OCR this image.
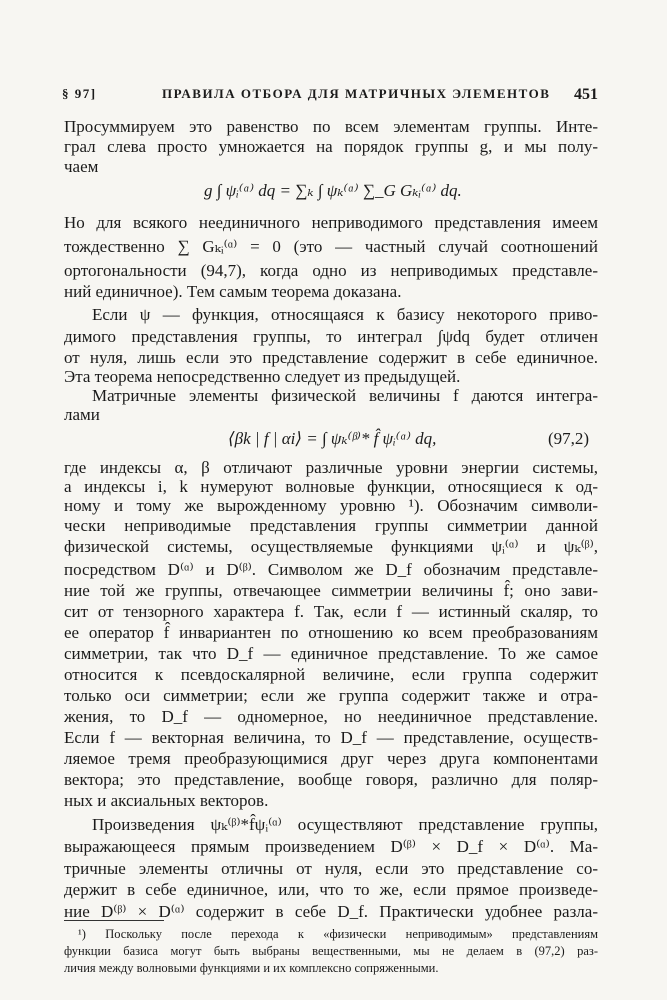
§ 97]	ПРАВИЛА ОТБОРА ДЛЯ МАТРИЧНЫХ ЭЛЕМЕНТОВ 451
Просуммируем это равенство по всем элементам группы. Интe-
грал слева просто умножается на порядок группы g, и мы полу-
чаем
g ∫ ψᵢ⁽ᵅ⁾ dq = ∑ₖ ∫ ψₖ⁽ᵅ⁾ ∑_G Gₖᵢ⁽ᵅ⁾ dq.
Но для всякого неединичного неприводимого представления имеем
тождественно ∑ Gₖᵢ⁽ᵅ⁾ = 0 (это — частный случай соотношений
ортогональности (94,7), когда одно из неприводимых представле-
ний единичное). Тем самым теорема доказана.
Если ψ — функция, относящаяся к базису некоторого приво-
димого представления группы, то интеграл ∫ψdq будет отличен
от нуля, лишь если это представление содержит в себе единичное.
Эта теорема непосредственно следует из предыдущей.
Матричные элементы физической величины f даются интегра-
лами
⟨βk | f | αi⟩ = ∫ ψₖ⁽ᵝ⁾* f̂ ψᵢ⁽ᵅ⁾ dq,	(97,2)
где индексы α, β отличают различные уровни энергии системы,
а индексы i, k нумеруют волновые функции, относящиеся к од-
ному и тому же вырожденному уровню ¹). Обозначим символи-
чески неприводимые представления группы симметрии данной
физической системы, осуществляемые функциями ψᵢ⁽ᵅ⁾ и ψₖ⁽ᵝ⁾,
посредством D⁽ᵅ⁾ и D⁽ᵝ⁾. Символом же D_f обозначим представле-
ние той же группы, отвечающее симметрии величины f̂; оно зави-
сит от тензорного характера f. Так, если f — истинный скаляр, то
ее оператор f̂ инвариантен по отношению ко всем преобразованиям
симметрии, так что D_f — единичное представление. То же самое
относится к псевдоскалярной величине, если группа содержит
только оси симметрии; если же группа содержит также и отра-
жения, то D_f — одномерное, но неединичное представление.
Если f — векторная величина, то D_f — представление, осуществ-
ляемое тремя преобразующимися друг через друга компонентами
вектора; это представление, вообще говоря, различно для поляр-
ных и аксиальных векторов.
Произведения ψₖ⁽ᵝ⁾*f̂ψᵢ⁽ᵅ⁾ осуществляют представление группы,
выражающееся прямым произведением D⁽ᵝ⁾ × D_f × D⁽ᵅ⁾. Ма-
тричные элементы отличны от нуля, если это представление со-
держит в себе единичное, или, что то же, если прямое произведе-
ние D⁽ᵝ⁾ × D⁽ᵅ⁾ содержит в себе D_f. Практически удобнее разла-
¹) Поскольку после перехода к «физически неприводимым» представлениям
функции базиса могут быть выбраны вещественными, мы не делаем в (97,2) раз-
личия между волновыми функциями и их комплексно сопряженными.
